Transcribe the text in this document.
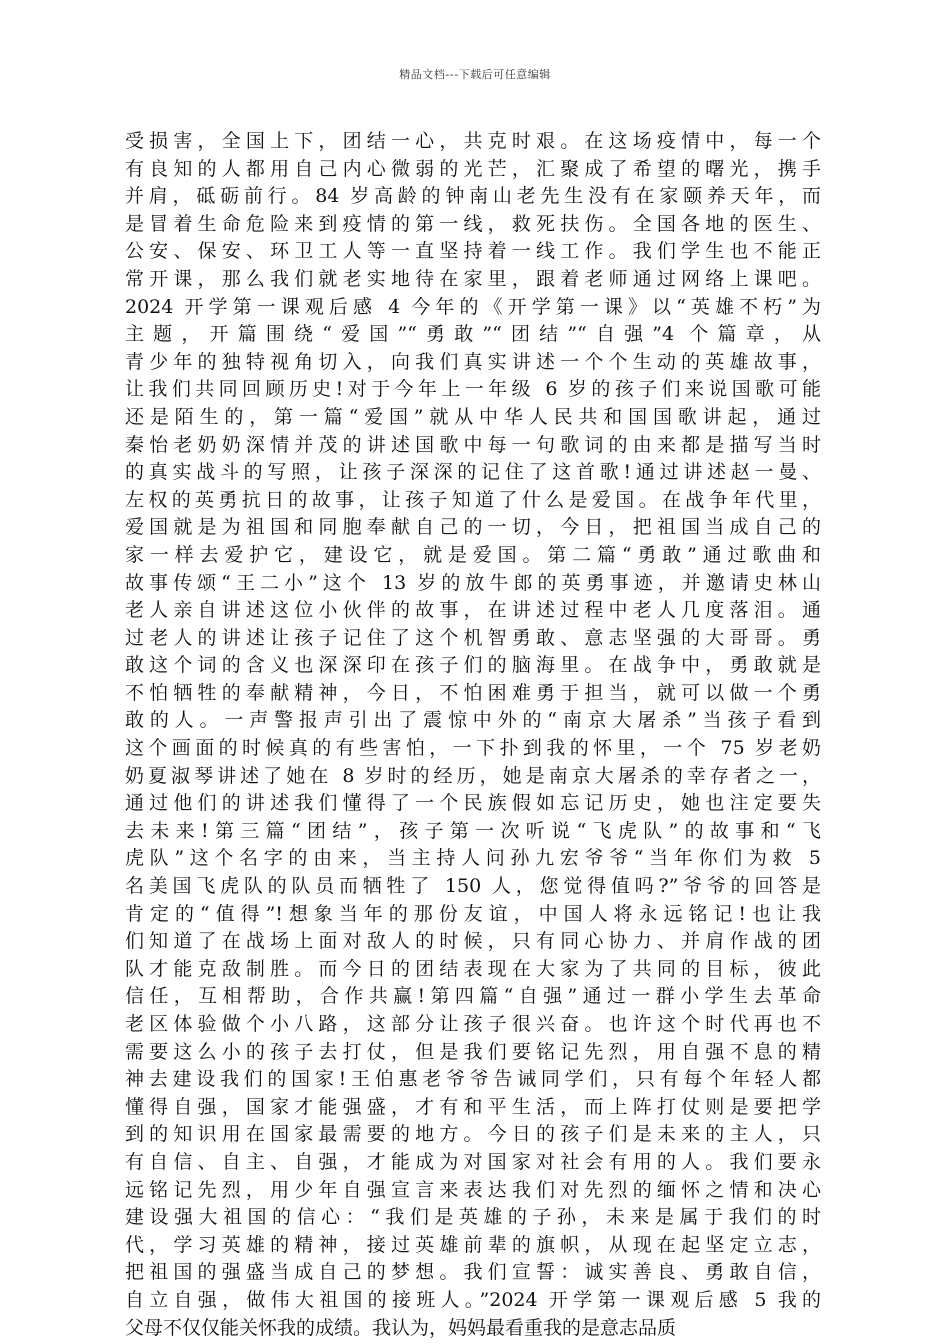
精品文档---下载后可任意编辑
受损害，全国上下，团结一心，共克时艰。在这场疫情中，每一个
有良知的人都用自己内心微弱的光芒，汇聚成了希望的曙光，携手
并肩，砥砺前行。84 岁高龄的钟南山老先生没有在家颐养天年，而
是冒着生命危险来到疫情的第一线，救死扶伤。全国各地的医生、
公安、保安、环卫工人等一直坚持着一线工作。我们学生也不能正
常开课，那么我们就老实地待在家里，跟着老师通过网络上课吧。
2024 开学第一课观后感 4 今年的《开学第一课》以“英雄不朽”为
主题，开篇围绕“爱国”“勇敢”“团结”“自强”4 个篇章，从
青少年的独特视角切入，向我们真实讲述一个个生动的英雄故事，
让我们共同回顾历史!对于今年上一年级 6 岁的孩子们来说国歌可能
还是陌生的，第一篇“爱国”就从中华人民共和国国歌讲起，通过
秦怡老奶奶深情并茂的讲述国歌中每一句歌词的由来都是描写当时
的真实战斗的写照，让孩子深深的记住了这首歌!通过讲述赵一曼、
左权的英勇抗日的故事，让孩子知道了什么是爱国。在战争年代里，
爱国就是为祖国和同胞奉献自己的一切，今日，把祖国当成自己的
家一样去爱护它，建设它，就是爱国。第二篇“勇敢”通过歌曲和
故事传颂“王二小”这个 13 岁的放牛郎的英勇事迹，并邀请史林山
老人亲自讲述这位小伙伴的故事，在讲述过程中老人几度落泪。通
过老人的讲述让孩子记住了这个机智勇敢、意志坚强的大哥哥。勇
敢这个词的含义也深深印在孩子们的脑海里。在战争中，勇敢就是
不怕牺牲的奉献精神，今日，不怕困难勇于担当，就可以做一个勇
敢的人。一声警报声引出了震惊中外的“南京大屠杀”当孩子看到
这个画面的时候真的有些害怕，一下扑到我的怀里，一个 75 岁老奶
奶夏淑琴讲述了她在 8 岁时的经历，她是南京大屠杀的幸存者之一，
通过他们的讲述我们懂得了一个民族假如忘记历史，她也注定要失
去未来!第三篇“团结”，孩子第一次听说“飞虎队”的故事和“飞
虎队”这个名字的由来，当主持人问孙九宏爷爷“当年你们为救 5
名美国飞虎队的队员而牺牲了 150 人，您觉得值吗?”爷爷的回答是
肯定的“值得”!想象当年的那份友谊，中国人将永远铭记!也让我
们知道了在战场上面对敌人的时候，只有同心协力、并肩作战的团
队才能克敌制胜。而今日的团结表现在大家为了共同的目标，彼此
信任，互相帮助，合作共赢!第四篇“自强”通过一群小学生去革命
老区体验做个小八路，这部分让孩子很兴奋。也许这个时代再也不
需要这么小的孩子去打仗，但是我们要铭记先烈，用自强不息的精
神去建设我们的国家!王伯惠老爷爷告诫同学们，只有每个年轻人都
懂得自强，国家才能强盛，才有和平生活，而上阵打仗则是要把学
到的知识用在国家最需要的地方。今日的孩子们是未来的主人，只
有自信、自主、自强，才能成为对国家对社会有用的人。我们要永
远铭记先烈，用少年自强宣言来表达我们对先烈的缅怀之情和决心
建设强大祖国的信心：“我们是英雄的子孙，未来是属于我们的时
代，学习英雄的精神，接过英雄前辈的旗帜，从现在起坚定立志，
把祖国的强盛当成自己的梦想。我们宣誓：诚实善良、勇敢自信，
自立自强，做伟大祖国的接班人。”2024 开学第一课观后感 5 我的
父母不仅仅能关怀我的成绩。我认为，妈妈最看重我的是意志品质
